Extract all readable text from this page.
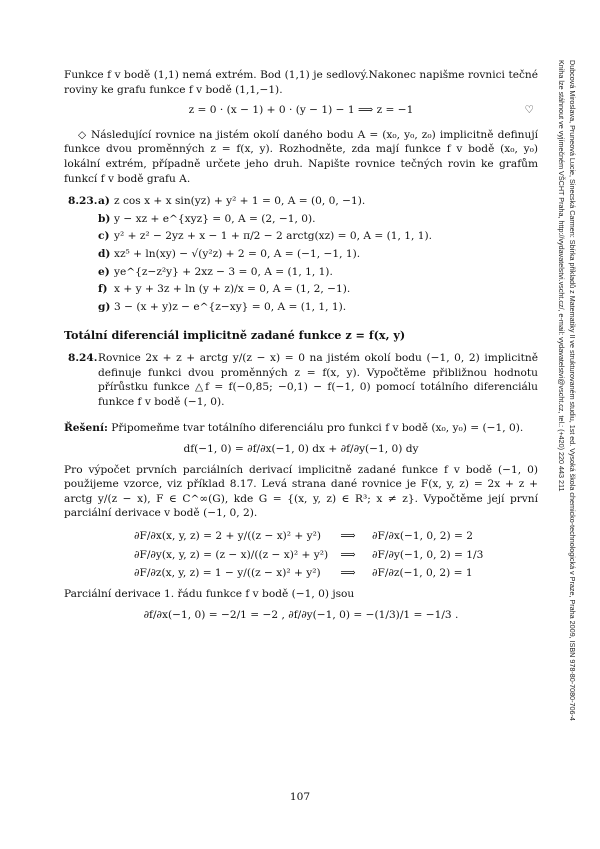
Funkce f v bodě (1,1) nemá extrém. Bod (1,1) je sedlový.Nakonec napišme rovnici tečné roviny ke grafu funkce f v bodě (1,1,−1).

z = 0 · (x − 1) + 0 · (y − 1) − 1 ⟹ z = −1	♡

◇ Následující rovnice na jistém okolí daného bodu A = (x₀, y₀, z₀) implicitně definují funkce dvou proměnných z = f(x, y). Rozhodněte, zda mají funkce f v bodě (x₀, y₀) lokální extrém, případně určete jeho druh. Napište rovnice tečných rovin ke grafům funkcí f v bodě grafu A.

8.23. a) z cos x + x sin(yz) + y² + 1 = 0, A = (0, 0, −1).
b) y − xz + e^{xyz} = 0, A = (2, −1, 0).
c) y² + z² − 2yz + x − 1 + π/2 − 2 arctg(xz) = 0, A = (1, 1, 1).
d) xz⁵ + ln(xy) − √(y²z) + 2 = 0, A = (−1, −1, 1).
e) ye^{z−z²y} + 2xz − 3 = 0, A = (1, 1, 1).
f) x + y + 3z + ln (y + z)/x = 0, A = (1, 2, −1).
g) 3 − (x + y)z − e^{z−xy} = 0, A = (1, 1, 1).
Totální diferenciál implicitně zadané funkce z = f(x, y)
8.24. Rovnice 2x + z + arctg y/(z − x) = 0 na jistém okolí bodu (−1, 0, 2) implicitně definuje funkci dvou proměnných z = f(x, y). Vypočtěme přibližnou hodnotu přírůstku funkce △f = f(−0,85; −0,1) − f(−1, 0) pomocí totálního diferenciálu funkce f v bodě (−1, 0).

Řešení: Připomeňme tvar totálního diferenciálu pro funkci f v bodě (x₀, y₀) = (−1, 0).

df(−1, 0) = ∂f/∂x(−1, 0) dx + ∂f/∂y(−1, 0) dy

Pro výpočet prvních parciálních derivací implicitně zadané funkce f v bodě (−1, 0) použijeme vzorce, viz příklad 8.17. Levá strana dané rovnice je F(x, y, z) = 2x + z + arctg y/(z − x), F ∈ C^∞(G), kde G = {(x, y, z) ∈ R³; x ≠ z}. Vypočtěme její první parciální derivace v bodě (−1, 0, 2).

∂F/∂x(x, y, z) = 2 + y/((z − x)² + y²)	⟹	∂F/∂x(−1, 0, 2) = 2
∂F/∂y(x, y, z) = (z − x)/((z − x)² + y²)	⟹	∂F/∂y(−1, 0, 2) = 1/3
∂F/∂z(x, y, z) = 1 − y/((z − x)² + y²)	⟹	∂F/∂z(−1, 0, 2) = 1

Parciální derivace 1. řádu funkce f v bodě (−1, 0) jsou

∂f/∂x(−1, 0) = −2/1 = −2 , ∂f/∂y(−1, 0) = −(1/3)/1 = −1/3 .
107
Dubcová Miroslava, Pruneová Lucie, Sinecská Carmen: Sbírka příkladů z Matematiky II ve strukturovaném studiu, 1st ed. Vysoká škola chemicko-technologická v Praze, Praha 2009, ISBN 978-80-7080-706-4
Kniha lze stáhnout ve vyjímečném VŠCHT Praha, http://vydavatelstvi.vscht.cz/, e-mail: vydavatelstvi@vscht.cz, tel.: (+420) 220 443 211
